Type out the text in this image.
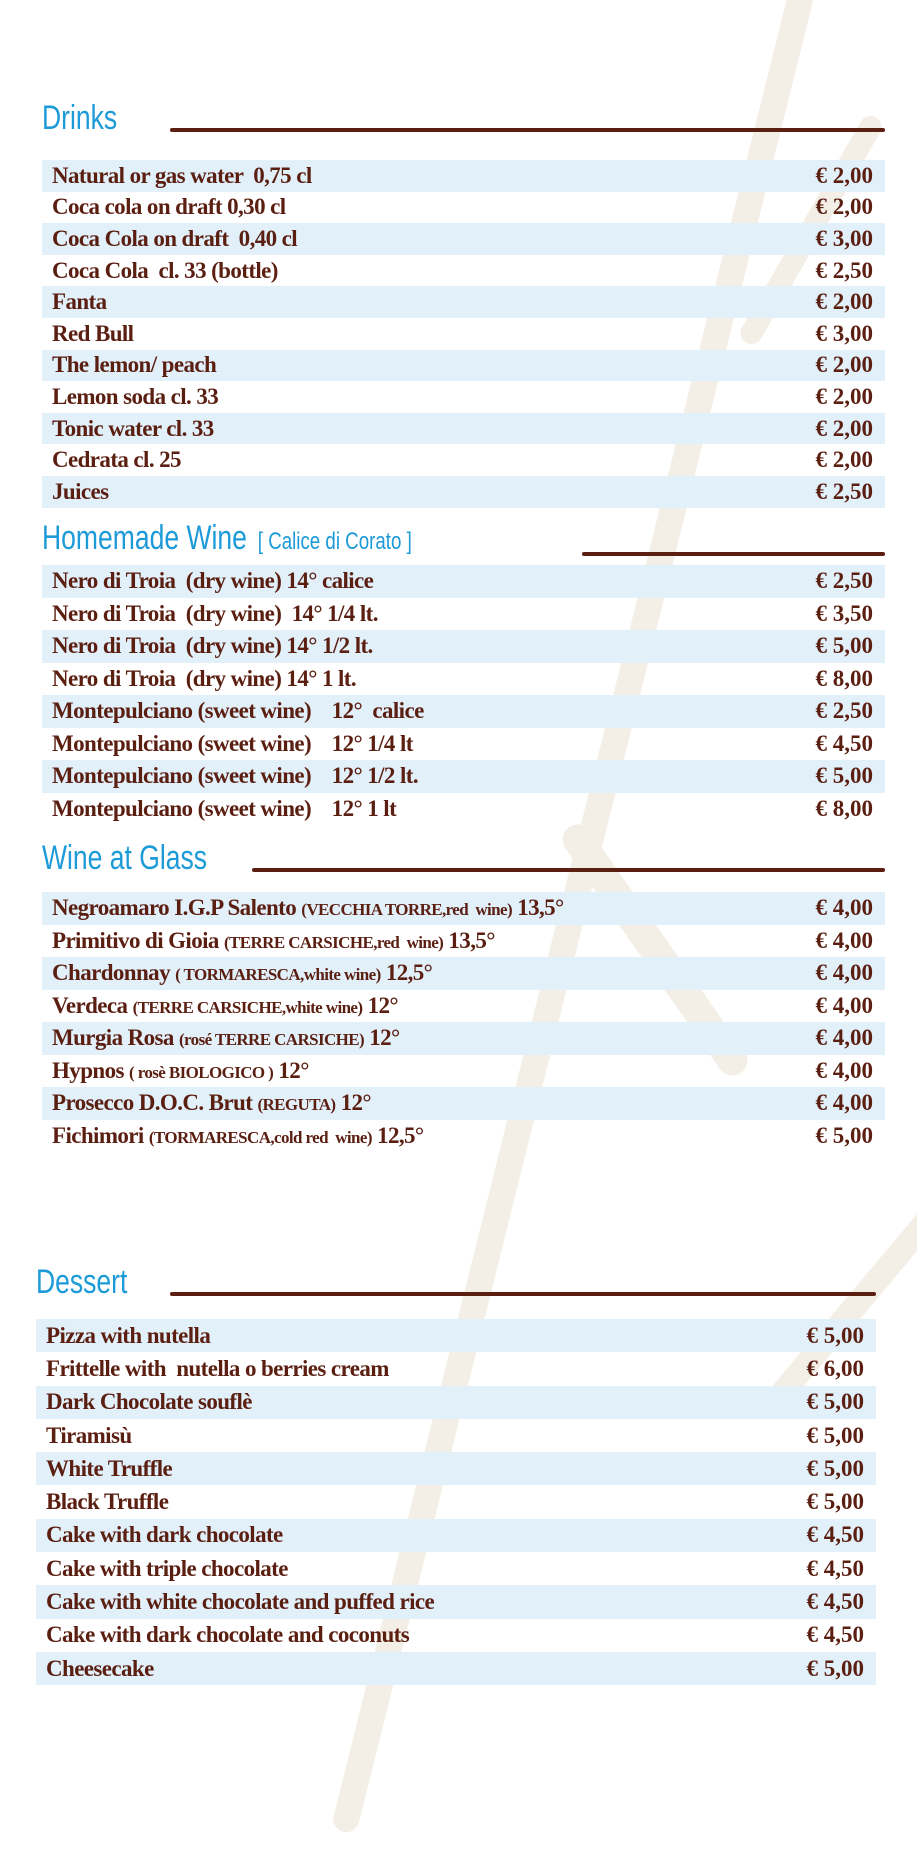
Drinks
Natural or gas water  0,75 cl	€ 2,00
Coca cola on draft 0,30 cl	€ 2,00
Coca Cola on draft  0,40 cl	€ 3,00
Coca Cola  cl. 33 (bottle)	€ 2,50
Fanta	€ 2,00
Red Bull	€ 3,00
The lemon/ peach	€ 2,00
Lemon soda cl. 33	€ 2,00
Tonic water cl. 33	€ 2,00
Cedrata cl. 25	€ 2,00
Juices	€ 2,50
Homemade Wine [ Calice di Corato ]
Nero di Troia  (dry wine) 14° calice	€ 2,50
Nero di Troia  (dry wine)  14° 1/4 lt.	€ 3,50
Nero di Troia  (dry wine) 14° 1/2 lt.	€ 5,00
Nero di Troia  (dry wine) 14° 1 lt.	€ 8,00
Montepulciano (sweet wine)    12°  calice	€ 2,50
Montepulciano (sweet wine)    12° 1/4 lt	€ 4,50
Montepulciano (sweet wine)    12° 1/2 lt.	€ 5,00
Montepulciano (sweet wine)    12° 1 lt	€ 8,00
Wine at Glass
Negroamaro I.G.P Salento (VECCHIA TORRE,red  wine) 13,5°	€ 4,00
Primitivo di Gioia (TERRE CARSICHE,red  wine) 13,5°	€ 4,00
Chardonnay ( TORMARESCA,white wine) 12,5°	€ 4,00
Verdeca (TERRE CARSICHE,white wine) 12°	€ 4,00
Murgia Rosa (rosé TERRE CARSICHE) 12°	€ 4,00
Hypnos ( rosè BIOLOGICO ) 12°	€ 4,00
Prosecco D.O.C. Brut (REGUTA) 12°	€ 4,00
Fichimori (TORMARESCA,cold red  wine) 12,5°	€ 5,00
Dessert
Pizza with nutella	€ 5,00
Frittelle with  nutella o berries cream	€ 6,00
Dark Chocolate souflè	€ 5,00
Tiramisù	€ 5,00
White Truffle	€ 5,00
Black Truffle	€ 5,00
Cake with dark chocolate	€ 4,50
Cake with triple chocolate	€ 4,50
Cake with white chocolate and puffed rice	€ 4,50
Cake with dark chocolate and coconuts	€ 4,50
Cheesecake	€ 5,00
